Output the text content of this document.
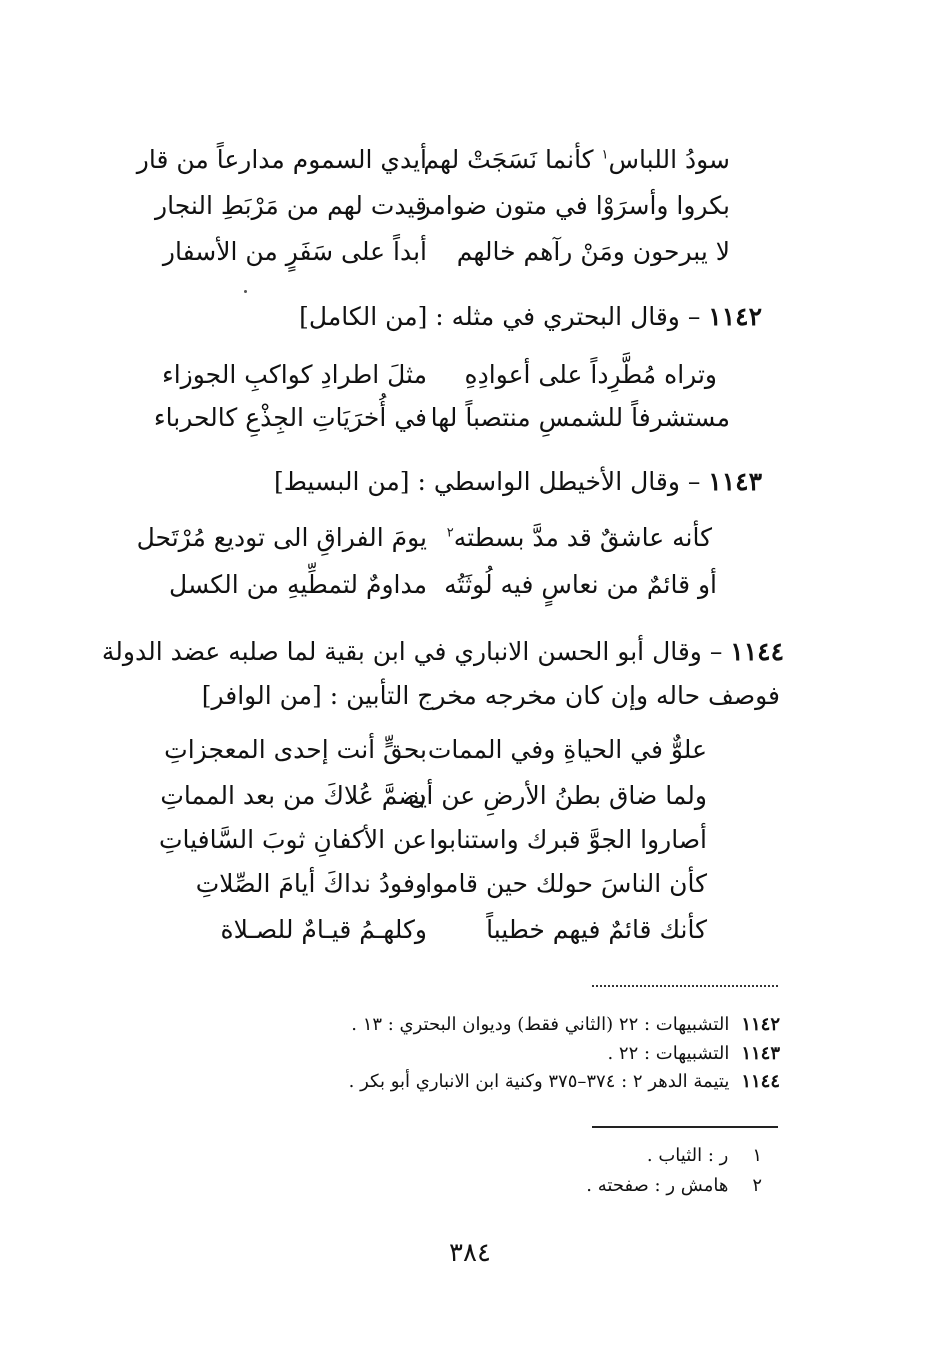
سودُ اللباس$^١$ كأنما نَسَجَتْ لهم
أيدي السموم مدارعاً من قار
بكروا وأسرَوْا في متون ضوامر
قيدت لهم من مَرْبَطِ النجار
لا يبرحون ومَنْ رآهم خالهم
أبداً على سَفَرٍ من الأسفار
١١٤٢ – وقال البحتري في مثله : [من الكامل]
وتراه مُطَّرِداً على أعوادِهِ
مثلَ اطرادِ كواكبِ الجوزاء
مستشرفاً للشمسِ منتصباً لها
في أُخرَيَاتِ الجِذْعِ كالحرباء
١١٤٣ – وقال الأخيطل الواسطي : [من البسيط]
كأنه عاشقٌ قد مدَّ بسطته$^٢$
يومَ الفراقِ الى توديع مُرْتَحل
أو قائمٌ من نعاسٍ فيه لُوثَتُه
مداومٌ لتمطِّيهِ من الكسل
١١٤٤ – وقال أبو الحسن الانباري في ابن بقية لما صلبه عضد الدولة
فوصف حاله وإن كان مخرجه مخرج التأبين : [من الوافر]
علوٌّ في الحياةِ وفي الممات
بحقٍّ أنت إحدى المعجزاتِ
ولما ضاق بطنُ الأرضِ عن أن
يضمَّ عُلاكَ من بعد المماتِ
أصاروا الجوَّ قبرك واستنابوا
عن الأكفانِ ثوبَ السَّافياتِ
كأن الناسَ حولك حين قاموا
وفودُ نداكَ أيامَ الصِّلاتِ
كأنك قائمٌ فيهم خطيباً
وكلهـمُ قيـامٌ للصـلاة
١١٤٢التشبيهات : ٢٢ (الثاني فقط) وديوان البحتري : ١٣ .
١١٤٣التشبيهات : ٢٢ .
١١٤٤يتيمة الدهر ٢ : ٣٧٤–٣٧٥ وكنية ابن الانباري أبو بكر .
١ر : الثياب .
٢هامش ر : صفحته .
٣٨٤
